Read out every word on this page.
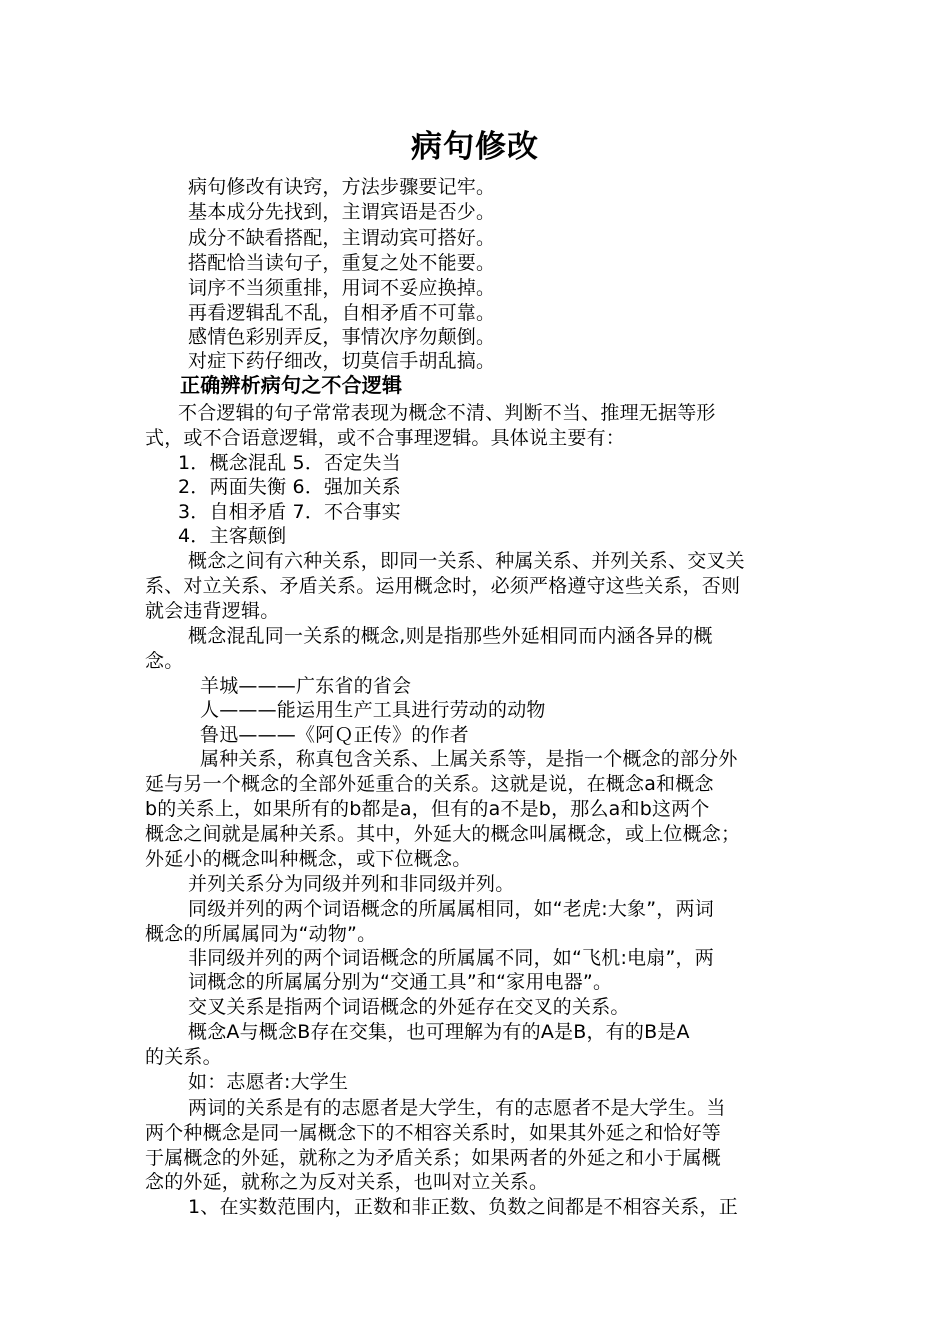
病句修改
病句修改有诀窍，方法步骤要记牢。
基本成分先找到，主谓宾语是否少。
成分不缺看搭配，主谓动宾可搭好。
搭配恰当读句子，重复之处不能要。
词序不当须重排，用词不妥应换掉。
再看逻辑乱不乱，自相矛盾不可靠。
感情色彩别弄反，事情次序勿颠倒。
对症下药仔细改，切莫信手胡乱搞。
正确辨析病句之不合逻辑
不合逻辑的句子常常表现为概念不清、判断不当、推理无据等形
式，或不合语意逻辑，或不合事理逻辑。具体说主要有：
1．概念混乱 5．否定失当
2．两面失衡 6．强加关系
3．自相矛盾 7．不合事实
4．主客颠倒
概念之间有六种关系，即同一关系、种属关系、并列关系、交叉关
系、对立关系、矛盾关系。运用概念时，必须严格遵守这些关系，否则
就会违背逻辑。
概念混乱同一关系的概念,则是指那些外延相同而内涵各异的概
念。
羊城———广东省的省会
人———能运用生产工具进行劳动的动物
鲁迅———《阿Ｑ正传》的作者
属种关系，称真包含关系、上属关系等，是指一个概念的部分外
延与另一个概念的全部外延重合的关系。这就是说，在概念a和概念
b的关系上，如果所有的b都是a，但有的a不是b，那么a和b这两个
概念之间就是属种关系。其中，外延大的概念叫属概念，或上位概念；
外延小的概念叫种概念，或下位概念。
并列关系分为同级并列和非同级并列。
同级并列的两个词语概念的所属属相同，如“老虎:大象”，两词
概念的所属属同为“动物”。
非同级并列的两个词语概念的所属属不同，如“飞机:电扇”，两
词概念的所属属分别为“交通工具”和“家用电器”。
交叉关系是指两个词语概念的外延存在交叉的关系。
概念A与概念B存在交集，也可理解为有的A是B，有的B是A
的关系。
如：志愿者:大学生
两词的关系是有的志愿者是大学生，有的志愿者不是大学生。当
两个种概念是同一属概念下的不相容关系时，如果其外延之和恰好等
于属概念的外延，就称之为矛盾关系；如果两者的外延之和小于属概
念的外延，就称之为反对关系，也叫对立关系。
1、在实数范围内，正数和非正数、负数之间都是不相容关系，正
